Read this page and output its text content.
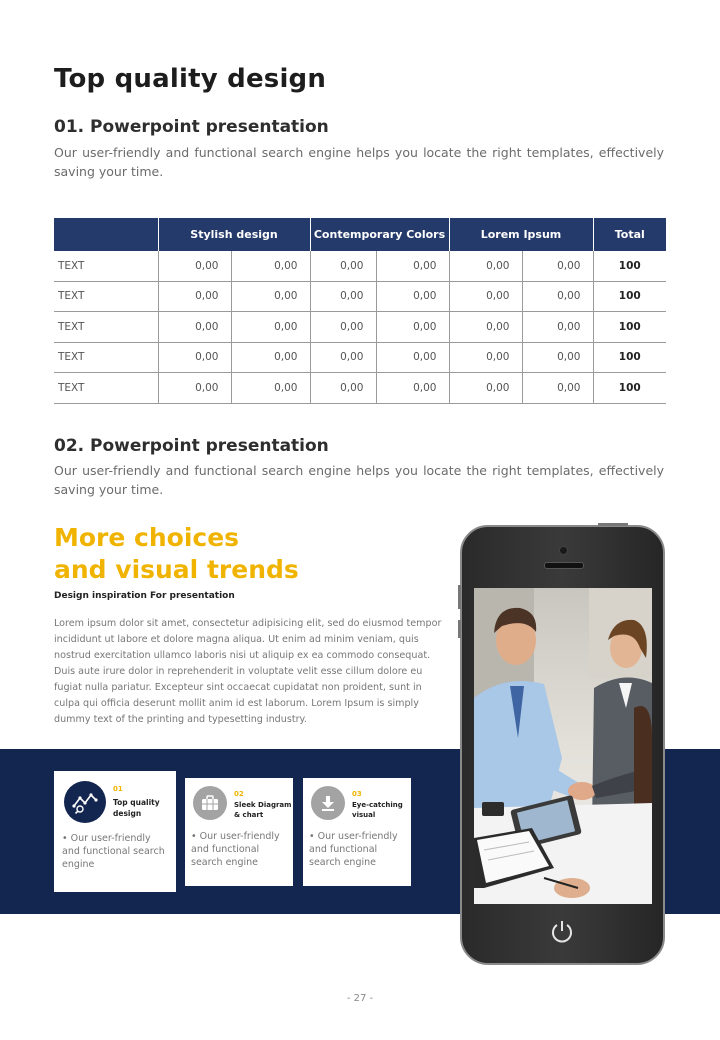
Top quality design
01. Powerpoint presentation
Our user-friendly and functional search engine helps you locate the right templates, effectively saving your time.
	Stylish design		Contemporary Colors		Lorem Ipsum		Total
TEXT	0,00	0,00	0,00	0,00	0,00	0,00	100
TEXT	0,00	0,00	0,00	0,00	0,00	0,00	100
TEXT	0,00	0,00	0,00	0,00	0,00	0,00	100
TEXT	0,00	0,00	0,00	0,00	0,00	0,00	100
TEXT	0,00	0,00	0,00	0,00	0,00	0,00	100
02. Powerpoint presentation
Our user-friendly and functional search engine helps you locate the right templates, effectively saving your time.
More choices
and visual trends
Design inspiration For presentation
Lorem ipsum dolor sit amet, consectetur adipisicing elit, sed do eiusmod tempor incididunt ut labore et dolore magna aliqua. Ut enim ad minim veniam, quis nostrud exercitation ullamco laboris nisi ut aliquip ex ea commodo consequat. Duis aute irure dolor in reprehenderit in voluptate velit esse cillum dolore eu fugiat nulla pariatur. Excepteur sint occaecat cupidatat non proident, sunt in culpa qui officia deserunt mollit anim id est laborum. Lorem Ipsum is simply dummy text of the printing and typesetting industry.
01
Top quality
design
• Our user-friendly and functional search engine
02
Sleek Diagram
& chart
• Our user-friendly and functional search engine
03
Eye-catching
visual
• Our user-friendly and functional search engine
- 27 -
